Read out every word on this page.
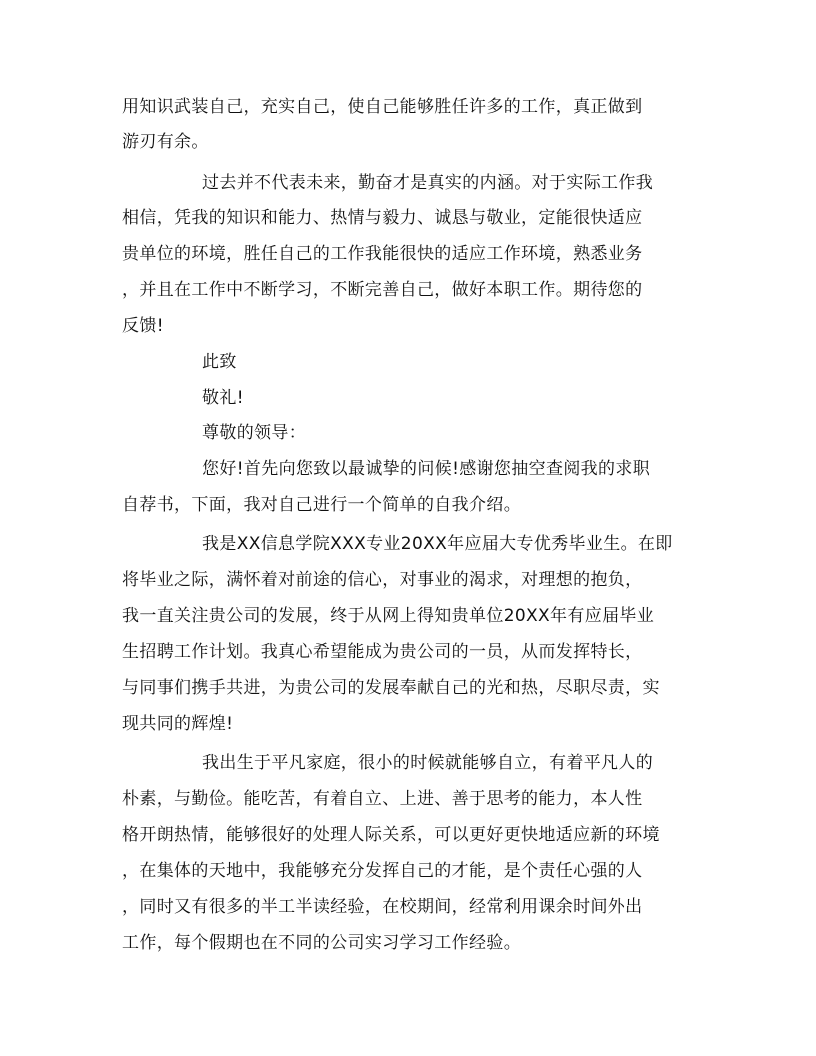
用知识武装自己，充实自己，使自己能够胜任许多的工作，真正做到
游刃有余。
过去并不代表未来，勤奋才是真实的内涵。对于实际工作我
相信，凭我的知识和能力、热情与毅力、诚恳与敬业，定能很快适应
贵单位的环境，胜任自己的工作我能很快的适应工作环境，熟悉业务
，并且在工作中不断学习，不断完善自己，做好本职工作。期待您的
反馈!
此致
敬礼!
尊敬的领导：
您好!首先向您致以最诚挚的问候!感谢您抽空查阅我的求职
自荐书，下面，我对自己进行一个简单的自我介绍。
我是XX信息学院XXX专业20XX年应届大专优秀毕业生。在即
将毕业之际，满怀着对前途的信心，对事业的渴求，对理想的抱负，
我一直关注贵公司的发展，终于从网上得知贵单位20XX年有应届毕业
生招聘工作计划。我真心希望能成为贵公司的一员，从而发挥特长，
与同事们携手共进，为贵公司的发展奉献自己的光和热，尽职尽责，实
现共同的辉煌!
我出生于平凡家庭，很小的时候就能够自立，有着平凡人的
朴素，与勤俭。能吃苦，有着自立、上进、善于思考的能力，本人性
格开朗热情，能够很好的处理人际关系，可以更好更快地适应新的环境
，在集体的天地中，我能够充分发挥自己的才能，是个责任心强的人
，同时又有很多的半工半读经验，在校期间，经常利用课余时间外出
工作，每个假期也在不同的公司实习学习工作经验。
